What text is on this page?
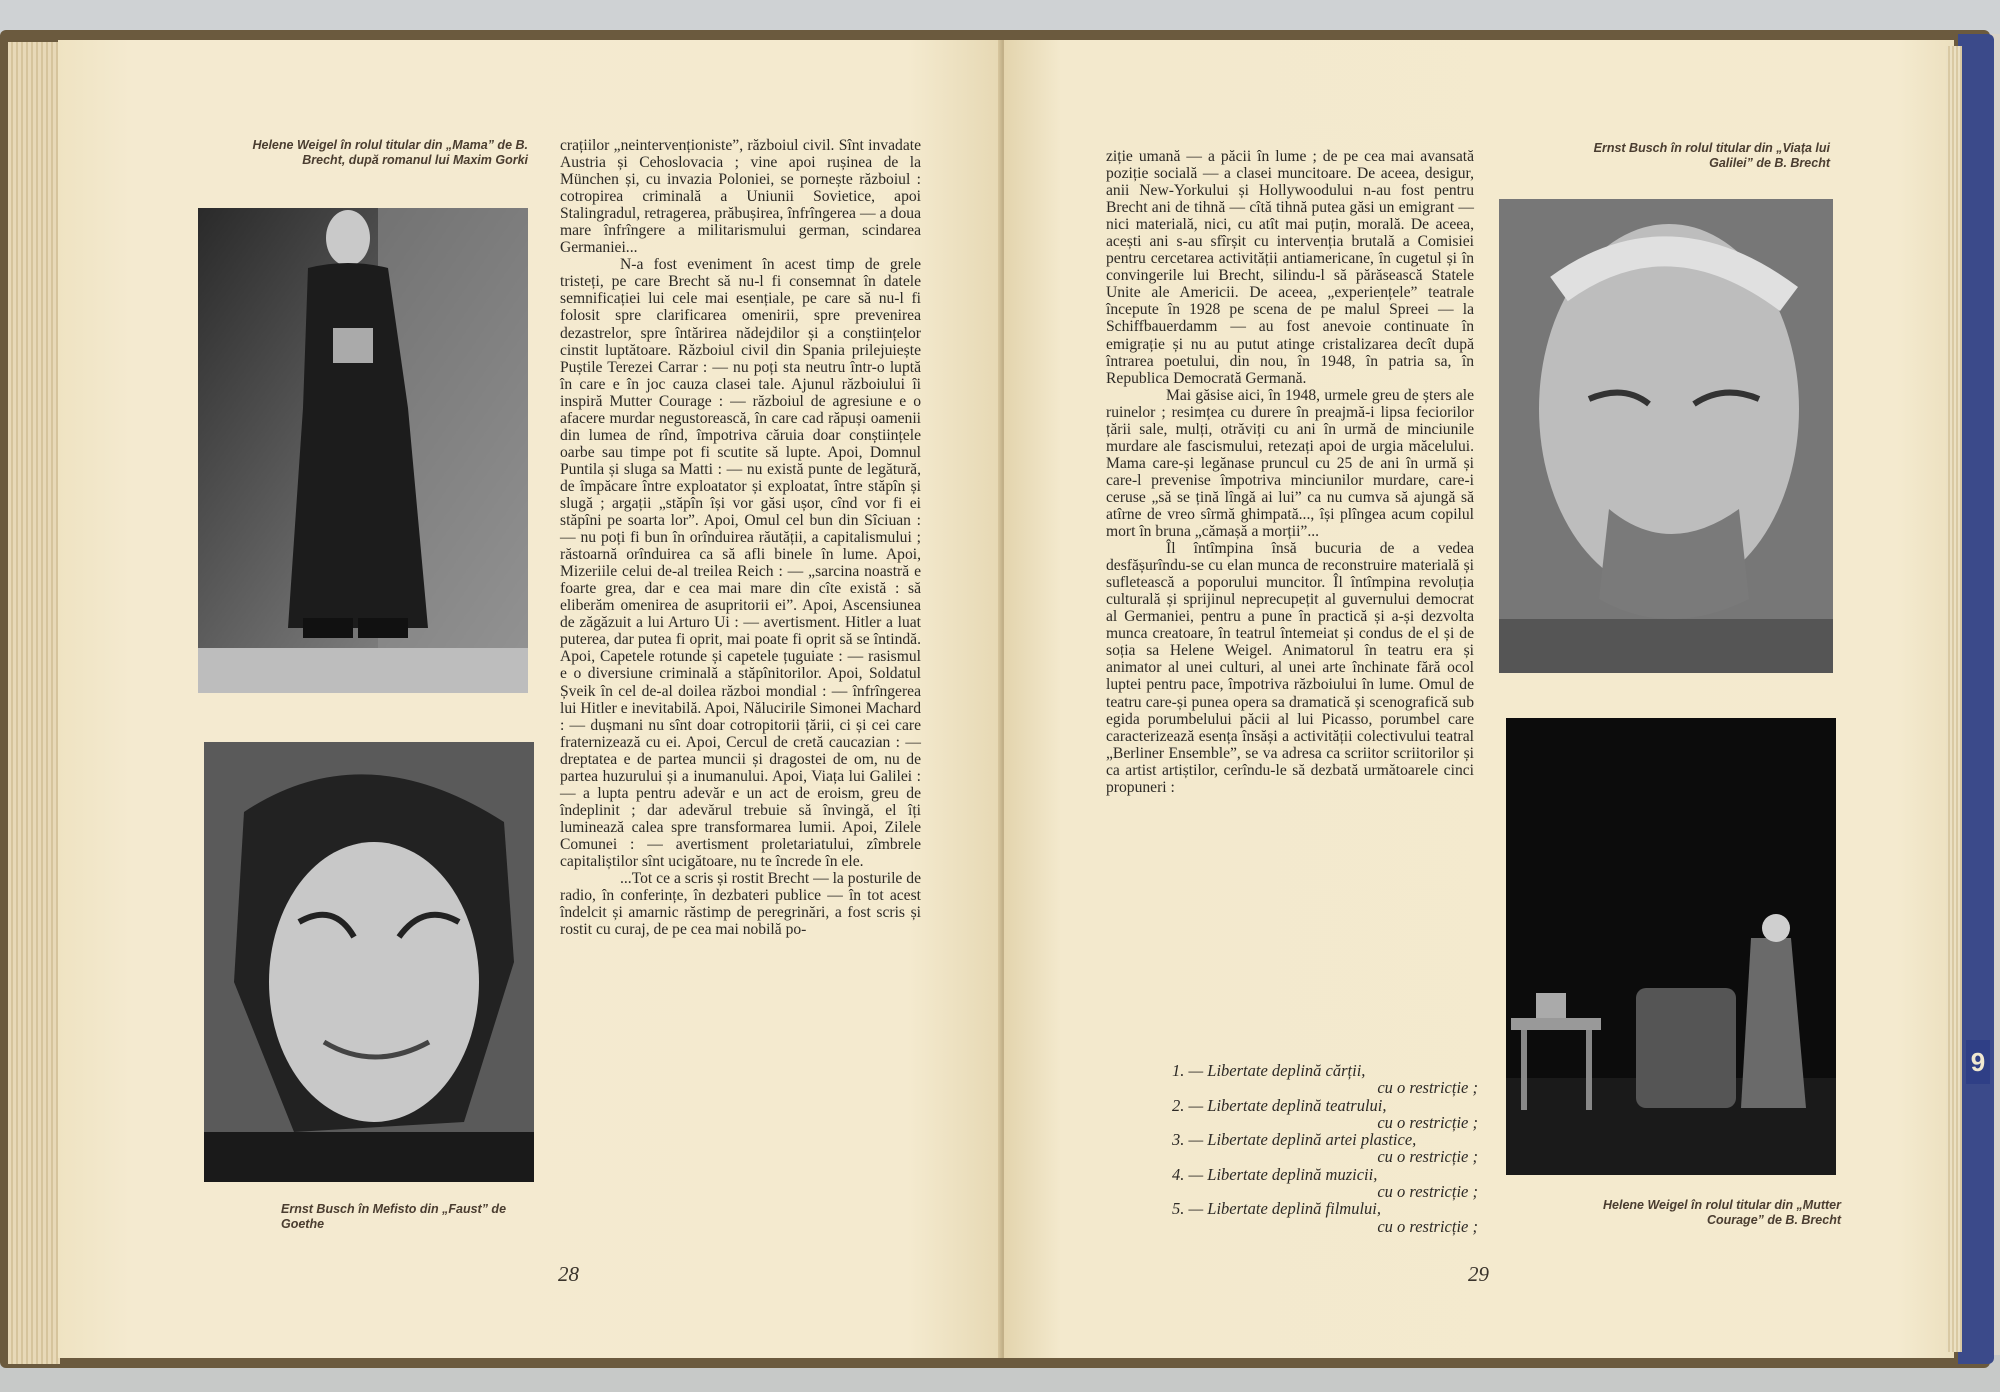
9
Helene Weigel în rolul titular din „Mama” de B. Brecht, după romanul lui Maxim Gorki
Ernst Busch în Mefisto din „Faust” de Goethe

crațiilor „neintervenționiste”, războiul civil. Sînt invadate Austria și Cehoslovacia ; vine apoi rușinea de la München și, cu invazia Poloniei, se pornește războiul : cotropirea criminală a Uniunii Sovietice, apoi Stalingradul, retragerea, prăbușirea, înfrîngerea — a doua mare înfrîngere a militarismului german, scindarea Germaniei...

N-a fost eveniment în acest timp de grele tristeți, pe care Brecht să nu-l fi consemnat în datele semnificației lui cele mai esențiale, pe care să nu-l fi folosit spre clarificarea omenirii, spre prevenirea dezastrelor, spre întărirea nădejdilor și a conștiințelor cinstit luptătoare. Războiul civil din Spania prilejuiește Puștile Terezei Carrar : — nu poți sta neutru într-o luptă în care e în joc cauza clasei tale. Ajunul războiului îi inspiră Mutter Courage : — războiul de agresiune e o afacere murdar negustorească, în care cad răpuși oamenii din lumea de rînd, împotriva căruia doar conștiințele oarbe sau timpe pot fi scutite să lupte. Apoi, Domnul Puntila și sluga sa Matti : — nu există punte de legătură, de împăcare între exploatator și exploatat, între stăpîn și slugă ; argații „stăpîn își vor găsi ușor, cînd vor fi ei stăpîni pe soarta lor”. Apoi, Omul cel bun din Sîciuan : — nu poți fi bun în orînduirea răutății, a capitalismului ; răstoarnă orînduirea ca să afli binele în lume. Apoi, Mizeriile celui de-al treilea Reich : — „sarcina noastră e foarte grea, dar e cea mai mare din cîte există : să eliberăm omenirea de asupritorii ei”. Apoi, Ascensiunea de zăgăzuit a lui Arturo Ui : — avertisment. Hitler a luat puterea, dar putea fi oprit, mai poate fi oprit să se întindă. Apoi, Capetele rotunde și capetele țuguiate : — rasismul e o diversiune criminală a stăpînitorilor. Apoi, Soldatul Șveik în cel de-al doilea război mondial : — înfrîngerea lui Hitler e inevitabilă. Apoi, Nălucirile Simonei Machard : — dușmani nu sînt doar cotropitorii țării, ci și cei care fraternizează cu ei. Apoi, Cercul de cretă caucazian : — dreptatea e de partea muncii și dragostei de om, nu de partea huzurului și a inumanului. Apoi, Viața lui Galilei : — a lupta pentru adevăr e un act de eroism, greu de îndeplinit ; dar adevărul trebuie să învingă, el îți luminează calea spre transformarea lumii. Apoi, Zilele Comunei : — avertisment proletariatului, zîmbrele capitaliștilor sînt ucigătoare, nu te încrede în ele.

...Tot ce a scris și rostit Brecht — la posturile de radio, în conferințe, în dezbateri publice — în tot acest îndelcit și amarnic răstimp de peregrinări, a fost scris și rostit cu curaj, de pe cea mai nobilă po-

28

ziție umană — a păcii în lume ; de pe cea mai avansată poziție socială — a clasei muncitoare. De aceea, desigur, anii New-Yorkului și Hollywoodului n-au fost pentru Brecht ani de tihnă — cîtă tihnă putea găsi un emigrant — nici materială, nici, cu atît mai puțin, morală. De aceea, acești ani s-au sfîrșit cu intervenția brutală a Comisiei pentru cercetarea activității antiamericane, în cugetul și în convingerile lui Brecht, silindu-l să părăsească Statele Unite ale Americii. De aceea, „experiențele” teatrale începute în 1928 pe scena de pe malul Spreei — la Schiffbauerdamm — au fost anevoie continuate în emigrație și nu au putut atinge cristalizarea decît după întrarea poetului, din nou, în 1948, în patria sa, în Republica Democrată Germană.

Mai găsise aici, în 1948, urmele greu de șters ale ruinelor ; resimțea cu durere în preajmă-i lipsa feciorilor țării sale, mulți, otrăviți cu ani în urmă de minciunile murdare ale fascismului, retezați apoi de urgia măcelului. Mama care-și legănase pruncul cu 25 de ani în urmă și care-l prevenise împotriva minciunilor murdare, care-i ceruse „să se țină lîngă ai lui” ca nu cumva să ajungă să atîrne de vreo sîrmă ghimpată..., își plîngea acum copilul mort în bruna „cămașă a morții”...

Îl întîmpina însă bucuria de a vedea desfășurîndu-se cu elan munca de reconstruire materială și sufletească a poporului muncitor. Îl întîmpina revoluția culturală și sprijinul neprecupețit al guvernului democrat al Germaniei, pentru a pune în practică și a-și dezvolta munca creatoare, în teatrul întemeiat și condus de el și de soția sa Helene Weigel. Animatorul în teatru era și animator al unei culturi, al unei arte închinate fără ocol luptei pentru pace, împotriva războiului în lume. Omul de teatru care-și punea opera sa dramatică și scenografică sub egida porumbelului păcii al lui Picasso, porumbel care caracterizează esența însăși a activității colectivului teatral „Berliner Ensemble”, se va adresa ca scriitor scriitorilor și ca artist artiștilor, cerîndu-le să dezbată următoarele cinci propuneri :

1. — Libertate deplină cărții,
cu o restricție ;
2. — Libertate deplină teatrului,
cu o restricție ;
3. — Libertate deplină artei plastice,
cu o restricție ;
4. — Libertate deplină muzicii,
cu o restricție ;
5. — Libertate deplină filmului,
cu o restricție ;
29
Ernst Busch în rolul titular din „Viața lui Galilei” de B. Brecht
Helene Weigel în rolul titular din „Mutter Courage” de B. Brecht
